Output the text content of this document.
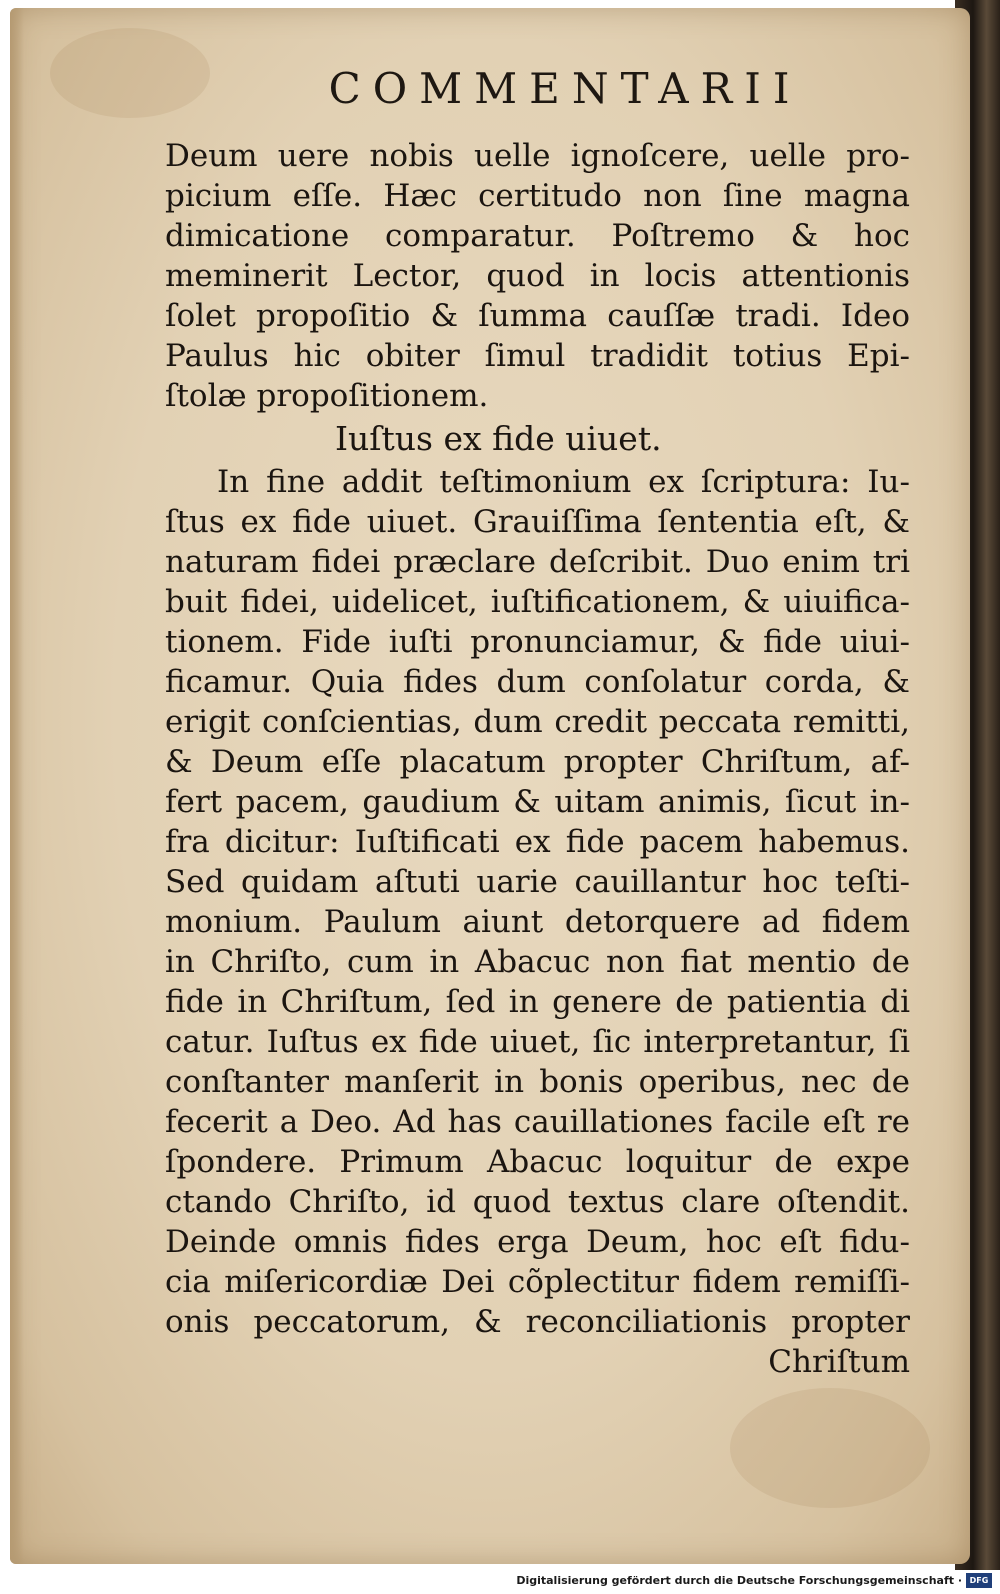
COMMENTARII
Deum uere nobis uelle ignoſcere, uelle pro-
picium eſſe. Hæc certitudo non ſine magna
dimicatione comparatur. Poſtremo & hoc
meminerit Lector, quod in locis attentionis
ſolet propoſitio & ſumma cauſſæ tradi. Ideo
Paulus hic obiter ſimul tradidit totius Epi-
ſtolæ propoſitionem.
Iuſtus ex fide uiuet.
In fine addit teſtimonium ex ſcriptura: Iu-
ſtus ex fide uiuet. Grauiſſima ſententia eſt, &
naturam fidei præclare deſcribit. Duo enim tri
buit fidei, uidelicet, iuſtificationem, & uiuifica-
tionem. Fide iuſti pronunciamur, & fide uiui-
ficamur. Quia fides dum conſolatur corda, &
erigit conſcientias, dum credit peccata remitti,
& Deum eſſe placatum propter Chriſtum, af-
fert pacem, gaudium & uitam animis, ſicut in-
fra dicitur: Iuſtificati ex fide pacem habemus.
Sed quidam aſtuti uarie cauillantur hoc teſti-
monium. Paulum aiunt detorquere ad fidem
in Chriſto, cum in Abacuc non fiat mentio de
fide in Chriſtum, ſed in genere de patientia di
catur. Iuſtus ex fide uiuet, ſic interpretantur, ſi
conſtanter manſerit in bonis operibus, nec de
fecerit a Deo. Ad has cauillationes facile eſt re
ſpondere. Primum Abacuc loquitur de expe
ctando Chriſto, id quod textus clare oſtendit.
Deinde omnis fides erga Deum, hoc eſt fidu-
cia miſericordiæ Dei cõplectitur fidem remiſſi-
onis peccatorum, & reconciliationis propter
Chriſtum
Digitalisierung gefördert durch die Deutsche Forschungsgemeinschaft · DFG
